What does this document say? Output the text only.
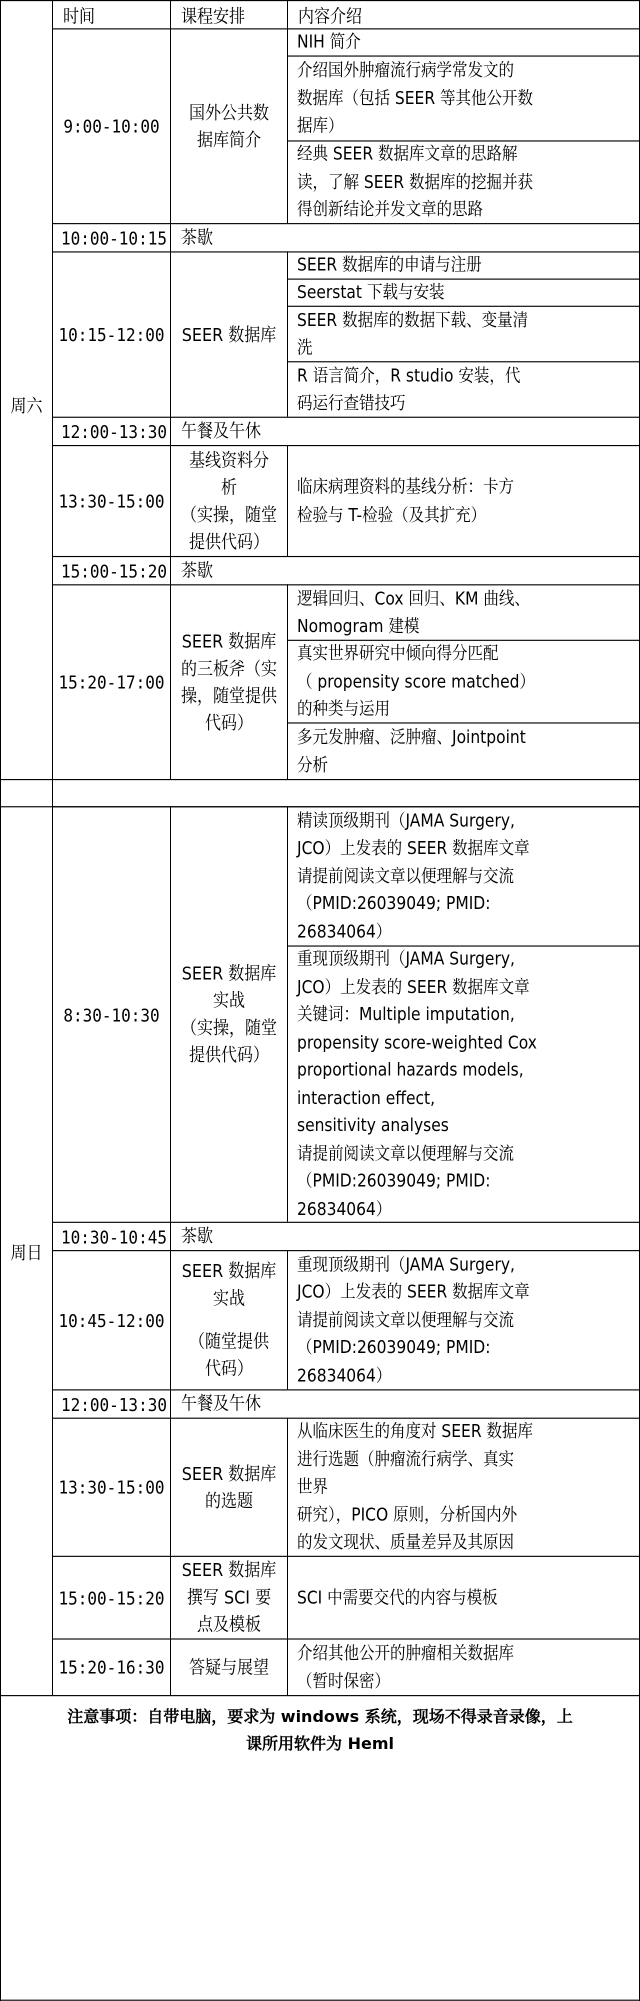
时间	课程安排	内容介绍
周六
9:00-10:00
国外公共数
据库简介
NIH 简介
介绍国外肿瘤流行病学常发文的
数据库（包括 SEER 等其他公开数
据库）
经典 SEER 数据库文章的思路解
读，了解 SEER 数据库的挖掘并获
得创新结论并发文章的思路
10:00-10:15 茶歇
10:15-12:00 SEER 数据库
SEER 数据库的申请与注册
Seerstat 下载与安装
SEER 数据库的数据下载、变量清
洗
R 语言简介，R studio 安装，代
码运行查错技巧
12:00-13:30 午餐及午休
13:30-15:00
基线资料分
析
（实操，随堂
提供代码）
临床病理资料的基线分析：卡方
检验与 T-检验（及其扩充）
15:00-15:20 茶歇
15:20-17:00
SEER 数据库
的三板斧（实
操，随堂提供
代码）
逻辑回归、Cox 回归、KM 曲线、
Nomogram 建模
真实世界研究中倾向得分匹配
（ propensity score matched）
的种类与运用
多元发肿瘤、泛肿瘤、Jointpoint
分析
周日
8:30-10:30
SEER 数据库
实战
（实操，随堂
提供代码）
精读顶级期刊（JAMA Surgery,
JCO）上发表的 SEER 数据库文章
请提前阅读文章以便理解与交流
（PMID:26039049; PMID:
26834064）
重现顶级期刊（JAMA Surgery,
JCO）上发表的 SEER 数据库文章
关键词：Multiple imputation,
propensity score-weighted Cox
proportional hazards models,
interaction effect,
sensitivity analyses
请提前阅读文章以便理解与交流
（PMID:26039049; PMID:
26834064）
10:30-10:45 茶歇
10:45-12:00
SEER 数据库
实战
（随堂提供
代码）
重现顶级期刊（JAMA Surgery,
JCO）上发表的 SEER 数据库文章
请提前阅读文章以便理解与交流
（PMID:26039049; PMID:
26834064）
12:00-13:30 午餐及午休
13:30-15:00
SEER 数据库
的选题
从临床医生的角度对 SEER 数据库
进行选题（肿瘤流行病学、真实
世界
研究），PICO 原则，分析国内外
的发文现状、质量差异及其原因
15:00-15:20
SEER 数据库
撰写 SCI 要
点及模板
SCI 中需要交代的内容与模板
15:20-16:30 答疑与展望
介绍其他公开的肿瘤相关数据库
（暂时保密）
注意事项：自带电脑，要求为 windows 系统，现场不得录音录像，上
课所用软件为 Heml
